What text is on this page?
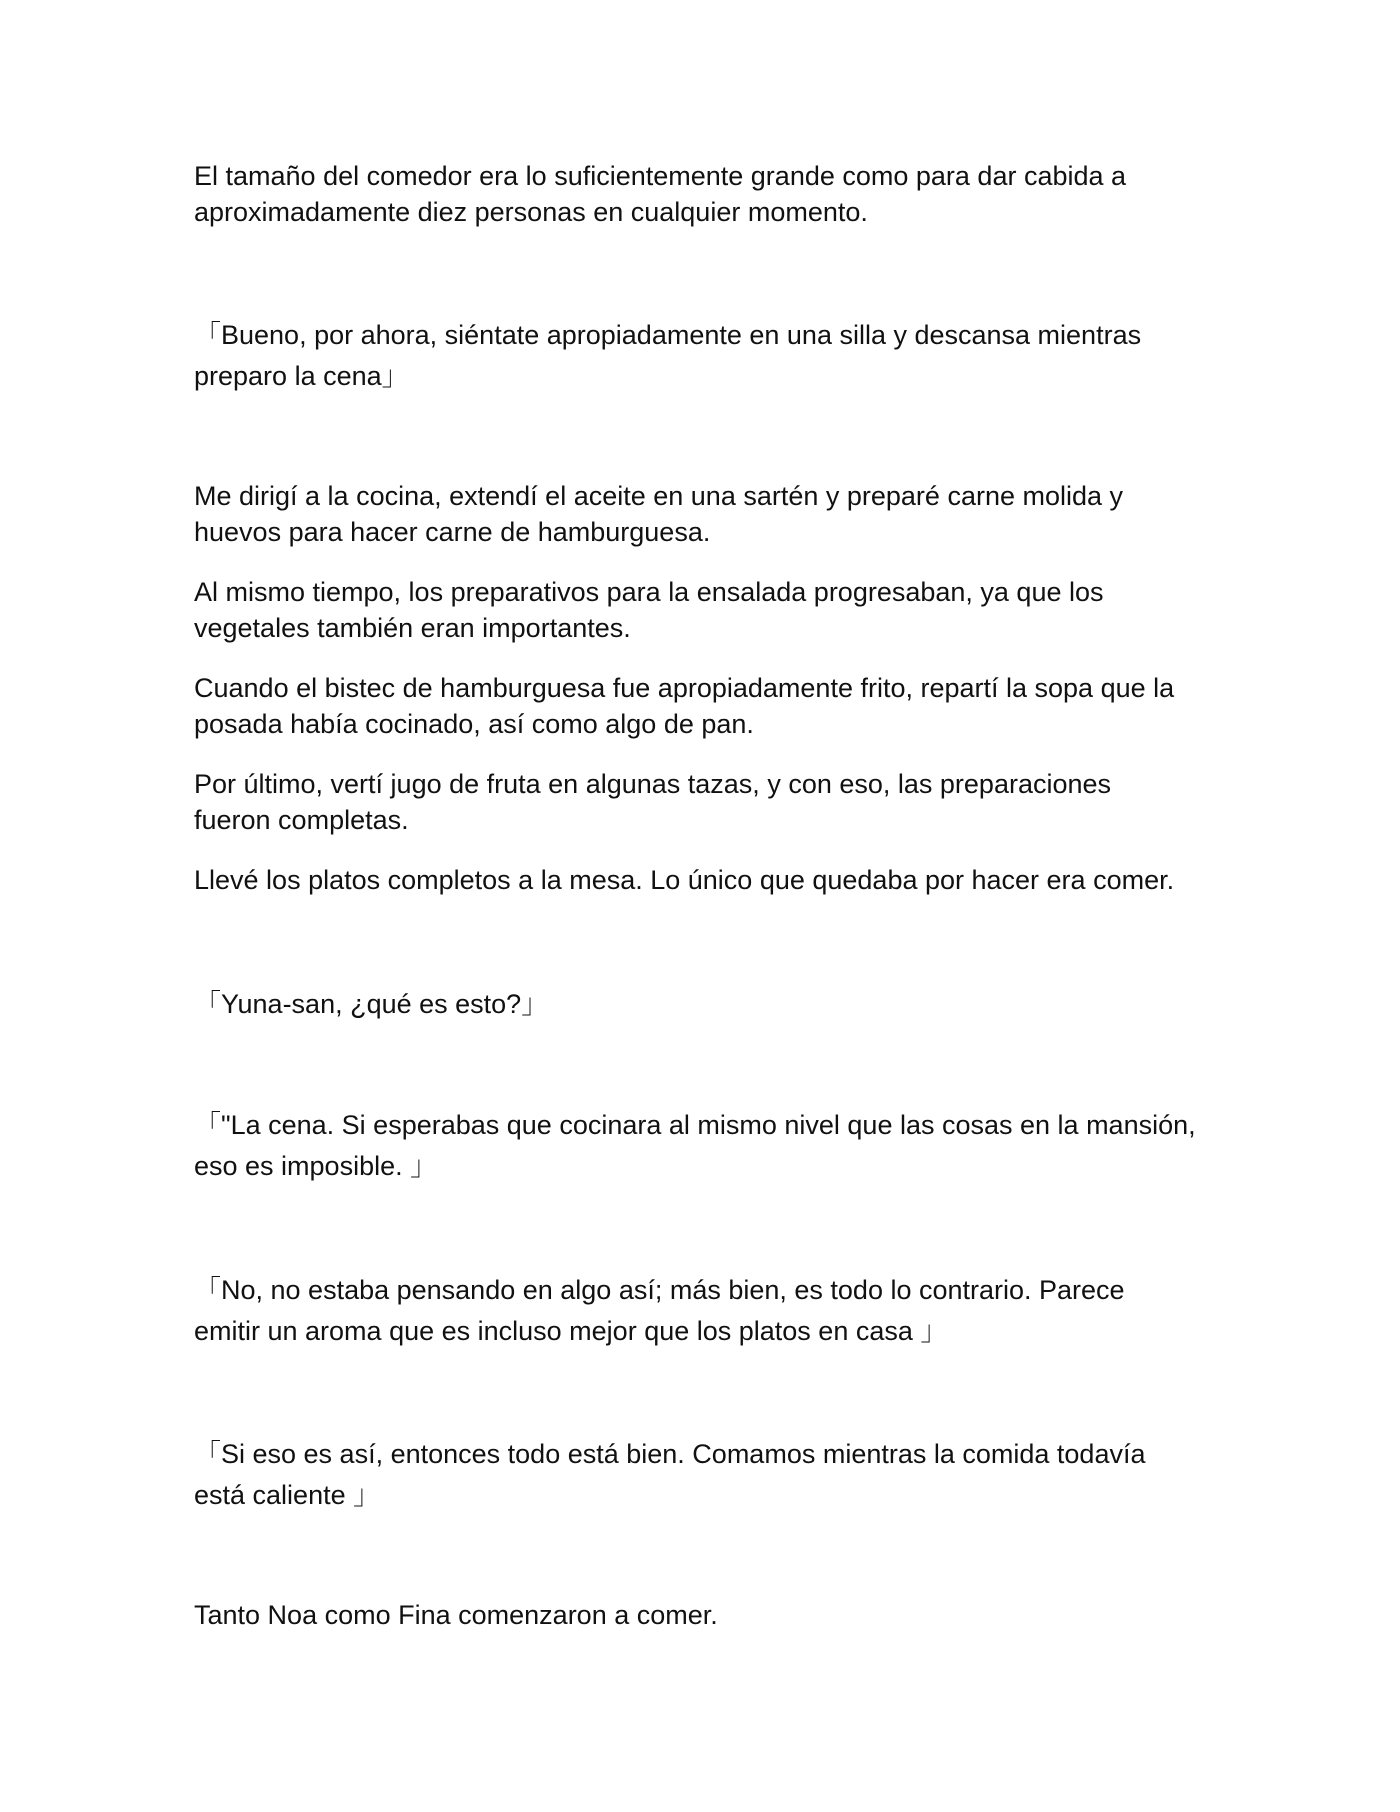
El tamaño del comedor era lo suficientemente grande como para dar cabida a
aproximadamente diez personas en cualquier momento.

「Bueno, por ahora, siéntate apropiadamente en una silla y descansa mientras
preparo la cena」

Me dirigí a la cocina, extendí el aceite en una sartén y preparé carne molida y
huevos para hacer carne de hamburguesa.

Al mismo tiempo, los preparativos para la ensalada progresaban, ya que los
vegetales también eran importantes.

Cuando el bistec de hamburguesa fue apropiadamente frito, repartí la sopa que la
posada había cocinado, así como algo de pan.

Por último, vertí jugo de fruta en algunas tazas, y con eso, las preparaciones
fueron completas.

Llevé los platos completos a la mesa. Lo único que quedaba por hacer era comer.

「Yuna-san, ¿qué es esto?」

「"La cena. Si esperabas que cocinara al mismo nivel que las cosas en la mansión,
eso es imposible. 」

「No, no estaba pensando en algo así; más bien, es todo lo contrario. Parece
emitir un aroma que es incluso mejor que los platos en casa 」

「Si eso es así, entonces todo está bien. Comamos mientras la comida todavía
está caliente 」

Tanto Noa como Fina comenzaron a comer.
